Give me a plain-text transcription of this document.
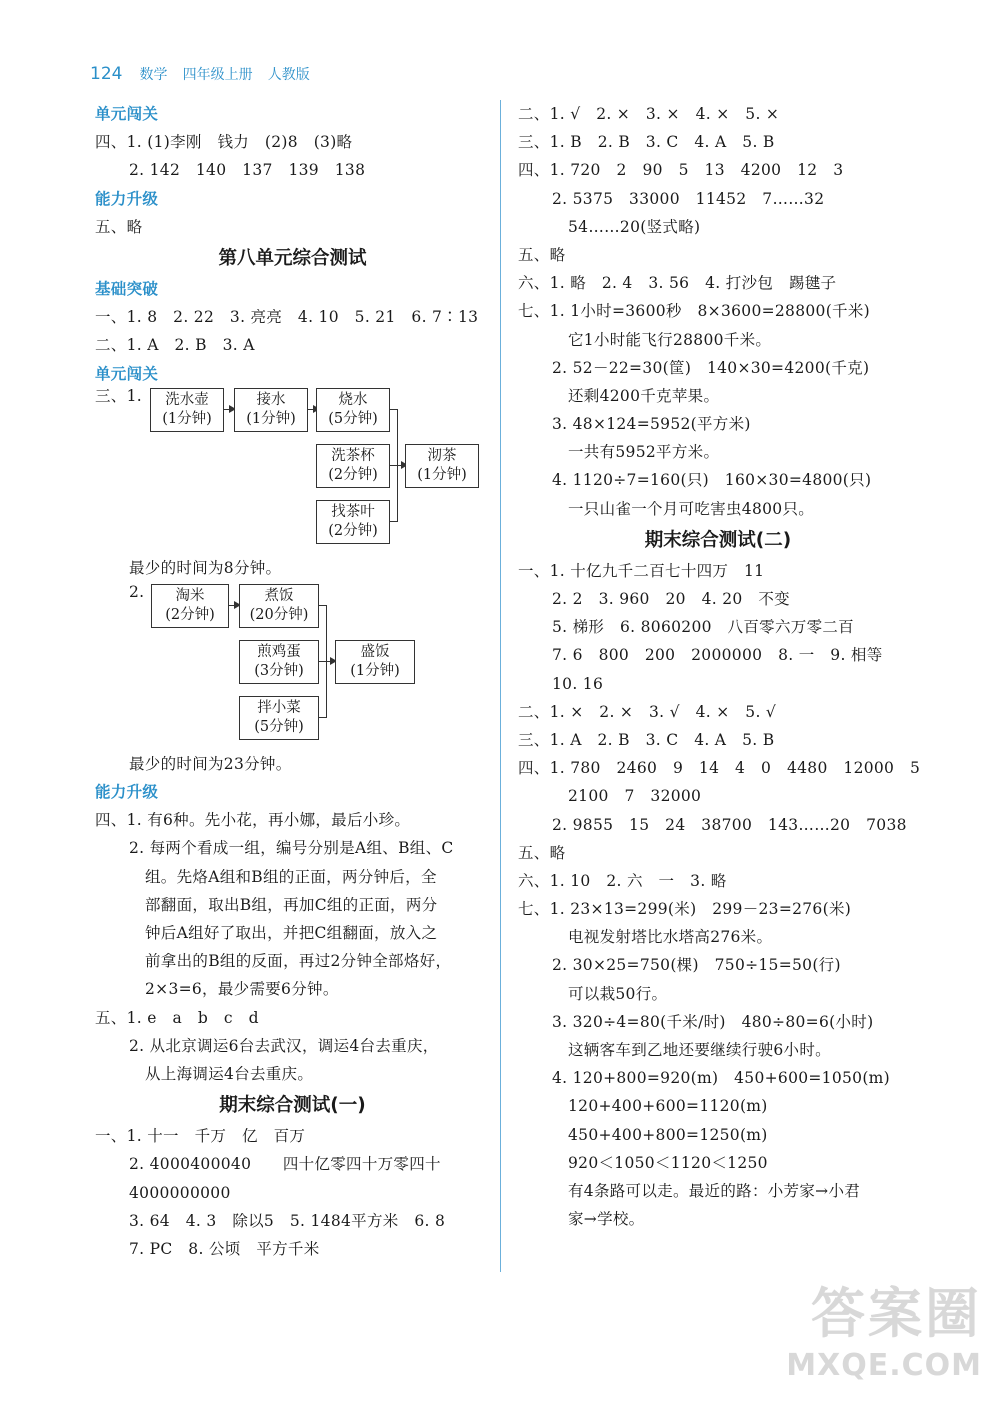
124 数学 四年级上册 人教版
单元闯关
四、1. (1)李刚　钱力　(2)8　(3)略
2. 142　140　137　139　138
能力升级
五、略
第八单元综合测试
基础突破
一、1. 8　2. 22　3. 亮亮　4. 10　5. 21　6. 7∶13
二、1. A　2. B　3. A
单元闯关
三、1.	洗水壶
(1分钟)
接水
(1分钟)
烧水
(5分钟)
洗茶杯
(2分钟)
找茶叶
(2分钟)
沏茶
(1分钟)
最少的时间为8分钟。
2.	淘米
(2分钟)
煮饭
(20分钟)
煎鸡蛋
(3分钟)
拌小菜
(5分钟)
盛饭
(1分钟)
最少的时间为23分钟。
能力升级
四、1. 有6种。先小花，再小娜，最后小珍。
2. 每两个看成一组，编号分别是A组、B组、C
组。先烙A组和B组的正面，两分钟后，全
部翻面，取出B组，再加C组的正面，两分
钟后A组好了取出，并把C组翻面，放入之
前拿出的B组的反面，再过2分钟全部烙好，
2×3=6，最少需要6分钟。
五、1. e　a　b　c　d
2. 从北京调运6台去武汉，调运4台去重庆，
从上海调运4台去重庆。
期末综合测试(一)
一、1. 十一　千万　亿　百万
2. 4000400040　　四十亿零四十万零四十
4000000000
3. 64　4. 3　除以5　5. 1484平方米　6. 8
7. PC　8. 公顷　平方千米
二、1. √　2. ×　3. ×　4. ×　5. ×
三、1. B　2. B　3. C　4. A　5. B
四、1. 720　2　90　5　13　4200　12　3
2. 5375　33000　11452　7……32
54……20(竖式略)
五、略
六、1. 略　2. 4　3. 56　4. 打沙包　踢毽子
七、1. 1小时=3600秒　8×3600=28800(千米)
它1小时能飞行28800千米。
2. 52－22=30(筐)　140×30=4200(千克)
还剩4200千克苹果。
3. 48×124=5952(平方米)
一共有5952平方米。
4. 1120÷7=160(只)　160×30=4800(只)
一只山雀一个月可吃害虫4800只。
期末综合测试(二)
一、1. 十亿九千二百七十四万　11
2. 2　3. 960　20　4. 20　不变
5. 梯形　6. 8060200　八百零六万零二百
7. 6　800　200　2000000　8. 一　9. 相等
10. 16
二、1. ×　2. ×　3. √　4. ×　5. √
三、1. A　2. B　3. C　4. A　5. B
四、1. 780　2460　9　14　4　0　4480　12000　5
2100　7　32000
2. 9855　15　24　38700　143……20　7038
五、略
六、1. 10　2. 六　一　3. 略
七、1. 23×13=299(米)　299－23=276(米)
电视发射塔比水塔高276米。
2. 30×25=750(棵)　750÷15=50(行)
可以栽50行。
3. 320÷4=80(千米/时)　480÷80=6(小时)
这辆客车到乙地还要继续行驶6小时。
4. 120+800=920(m)　450+600=1050(m)
120+400+600=1120(m)
450+400+800=1250(m)
920＜1050＜1120＜1250
有4条路可以走。最近的路：小芳家→小君
家→学校。
答案圈
MXQE.COM
